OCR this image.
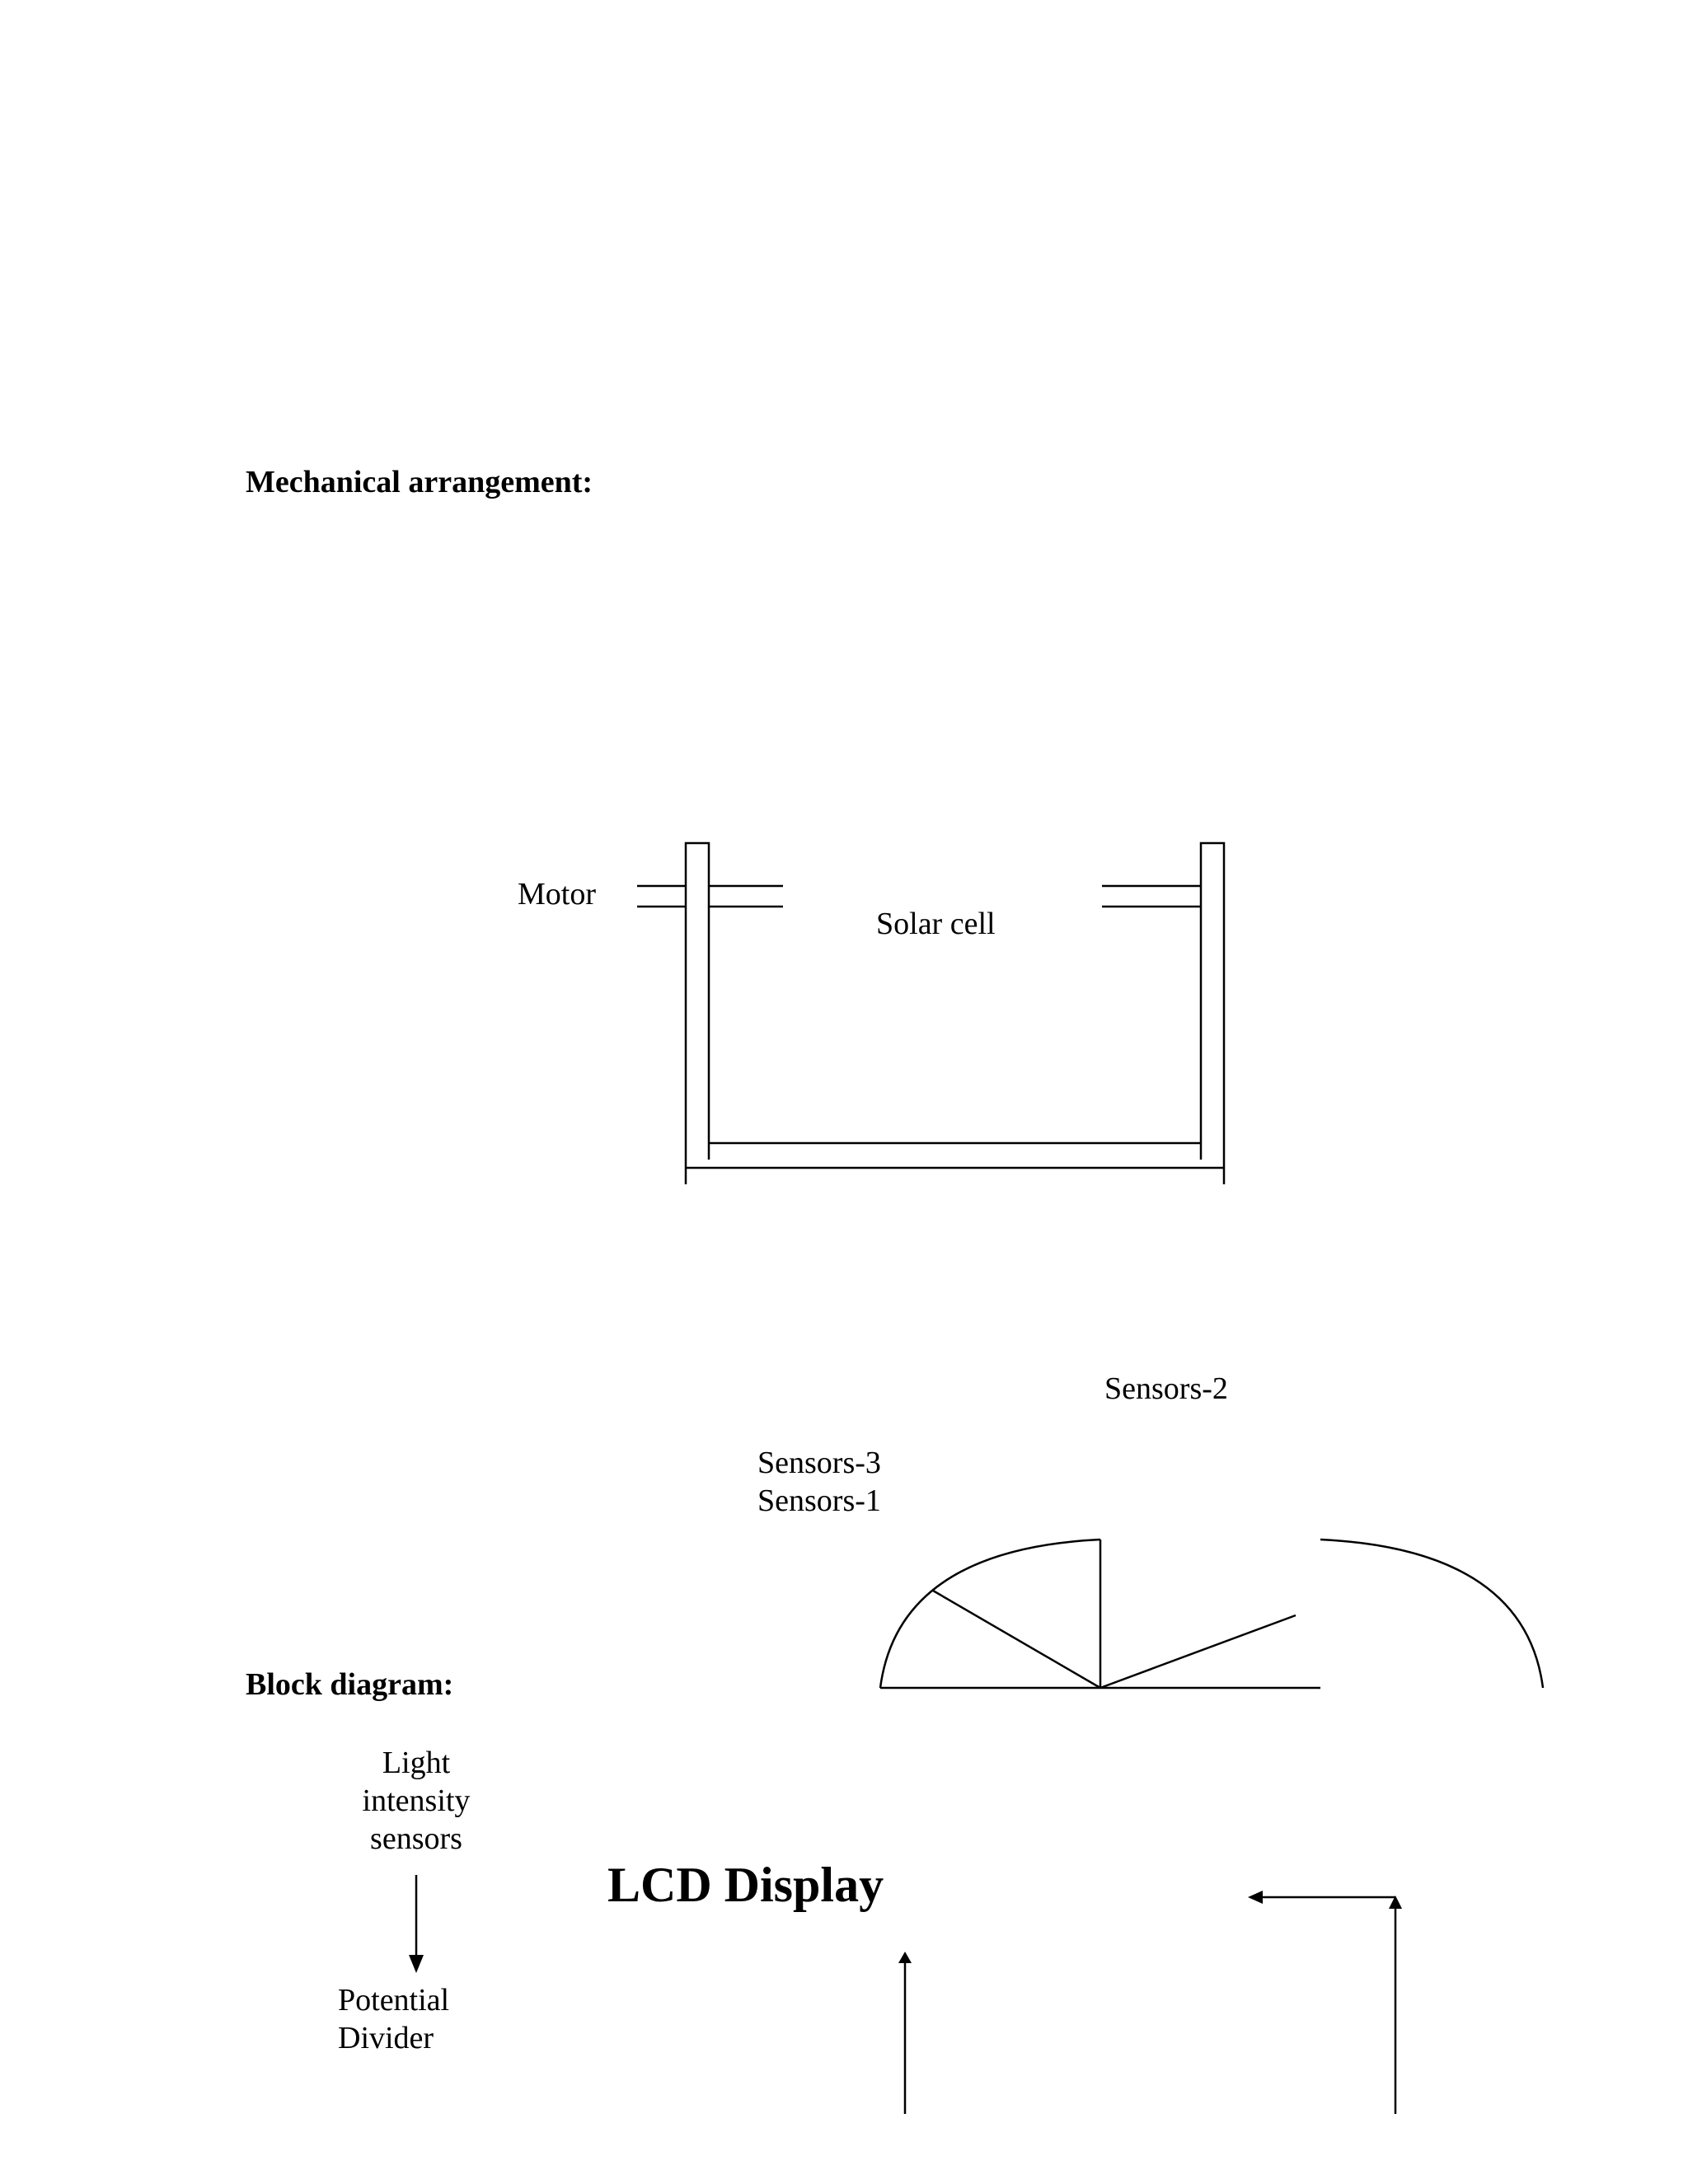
Mechanical arrangement:
Block diagram:
Motor
Solar cell
Sensors-2
Sensors-3
Sensors-1
Light
intensity
sensors
Potential
Divider
LCD Display
